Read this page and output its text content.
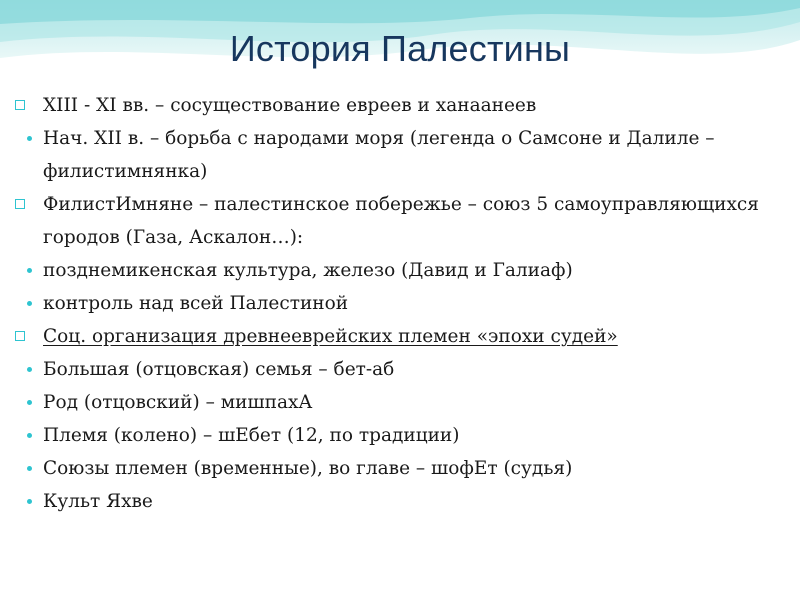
История Палестины
XIII - XI вв. – сосуществование евреев и ханаанеев
Нач. XII в. – борьба с народами моря (легенда о Самсоне и Далиле – филистимнянка)
ФилистИмняне – палестинское побережье – союз 5 самоуправляющихся городов (Газа, Аскалон…):
позднемикенская культура, железо (Давид и Галиаф)
контроль над всей Палестиной
Соц. организация древнееврейских племен «эпохи судей»
Большая (отцовская) семья – бет-аб
Род (отцовский) – мишпахА
Племя (колено) – шЕбет (12, по традиции)
Союзы племен (временные), во главе – шофЕт (судья)
Культ Яхве
